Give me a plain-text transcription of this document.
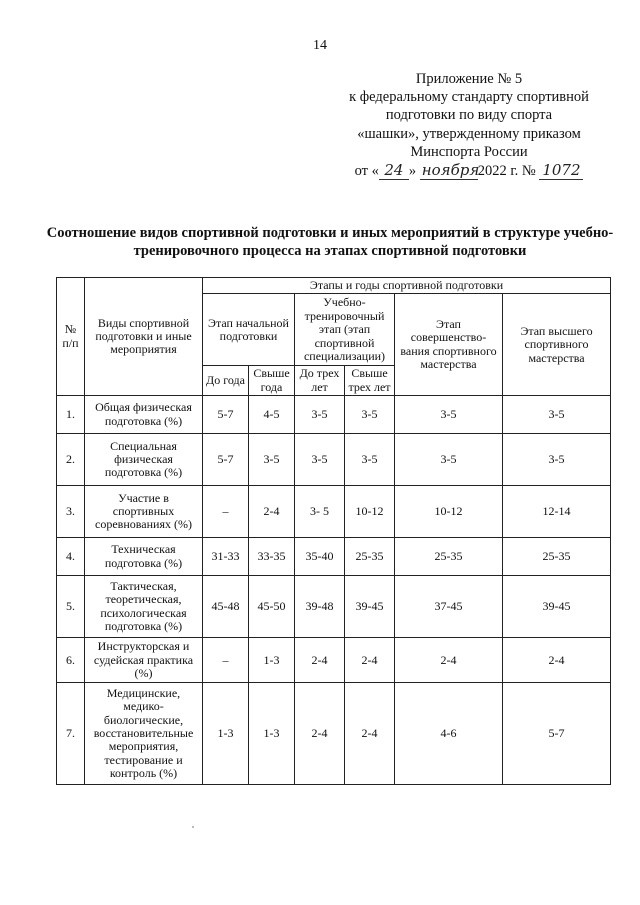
14
Приложение № 5
к федеральному стандарту спортивной
подготовки по виду спорта
«шашки», утвержденному приказом
Минспорта России
от « 24 » ноября2022 г. № 1072
Соотношение видов спортивной подготовки и иных мероприятий в структуре учебно-тренировочного процесса на этапах спортивной подготовки
№ п/п	Виды спортивной подготовки и иные мероприятия	Этапы и годы спортивной подготовки					
		Этап начальной подготовки		Учебно-тренировочный этап (этап спортивной специализации)		Этап совершенство-вания спортивного мастерства	Этап высшего спортивного мастерства
		До года	Свыше года	До трех лет	Свыше трех лет		
1.	Общая физическая подготовка (%)	5-7	4-5	3-5	3-5	3-5	3-5
2.	Специальная физическая подготовка (%)	5-7	3-5	3-5	3-5	3-5	3-5
3.	Участие в спортивных соревнованиях (%)	–	2-4	3- 5	10-12	10-12	12-14
4.	Техническая подготовка (%)	31-33	33-35	35-40	25-35	25-35	25-35
5.	Тактическая, теоретическая, психологическая подготовка (%)	45-48	45-50	39-48	39-45	37-45	39-45
6.	Инструкторская и судейская практика (%)	–	1-3	2-4	2-4	2-4	2-4
7.	Медицинские, медико-биологические, восстановительные мероприятия, тестирование и контроль (%)	1-3	1-3	2-4	2-4	4-6	5-7
